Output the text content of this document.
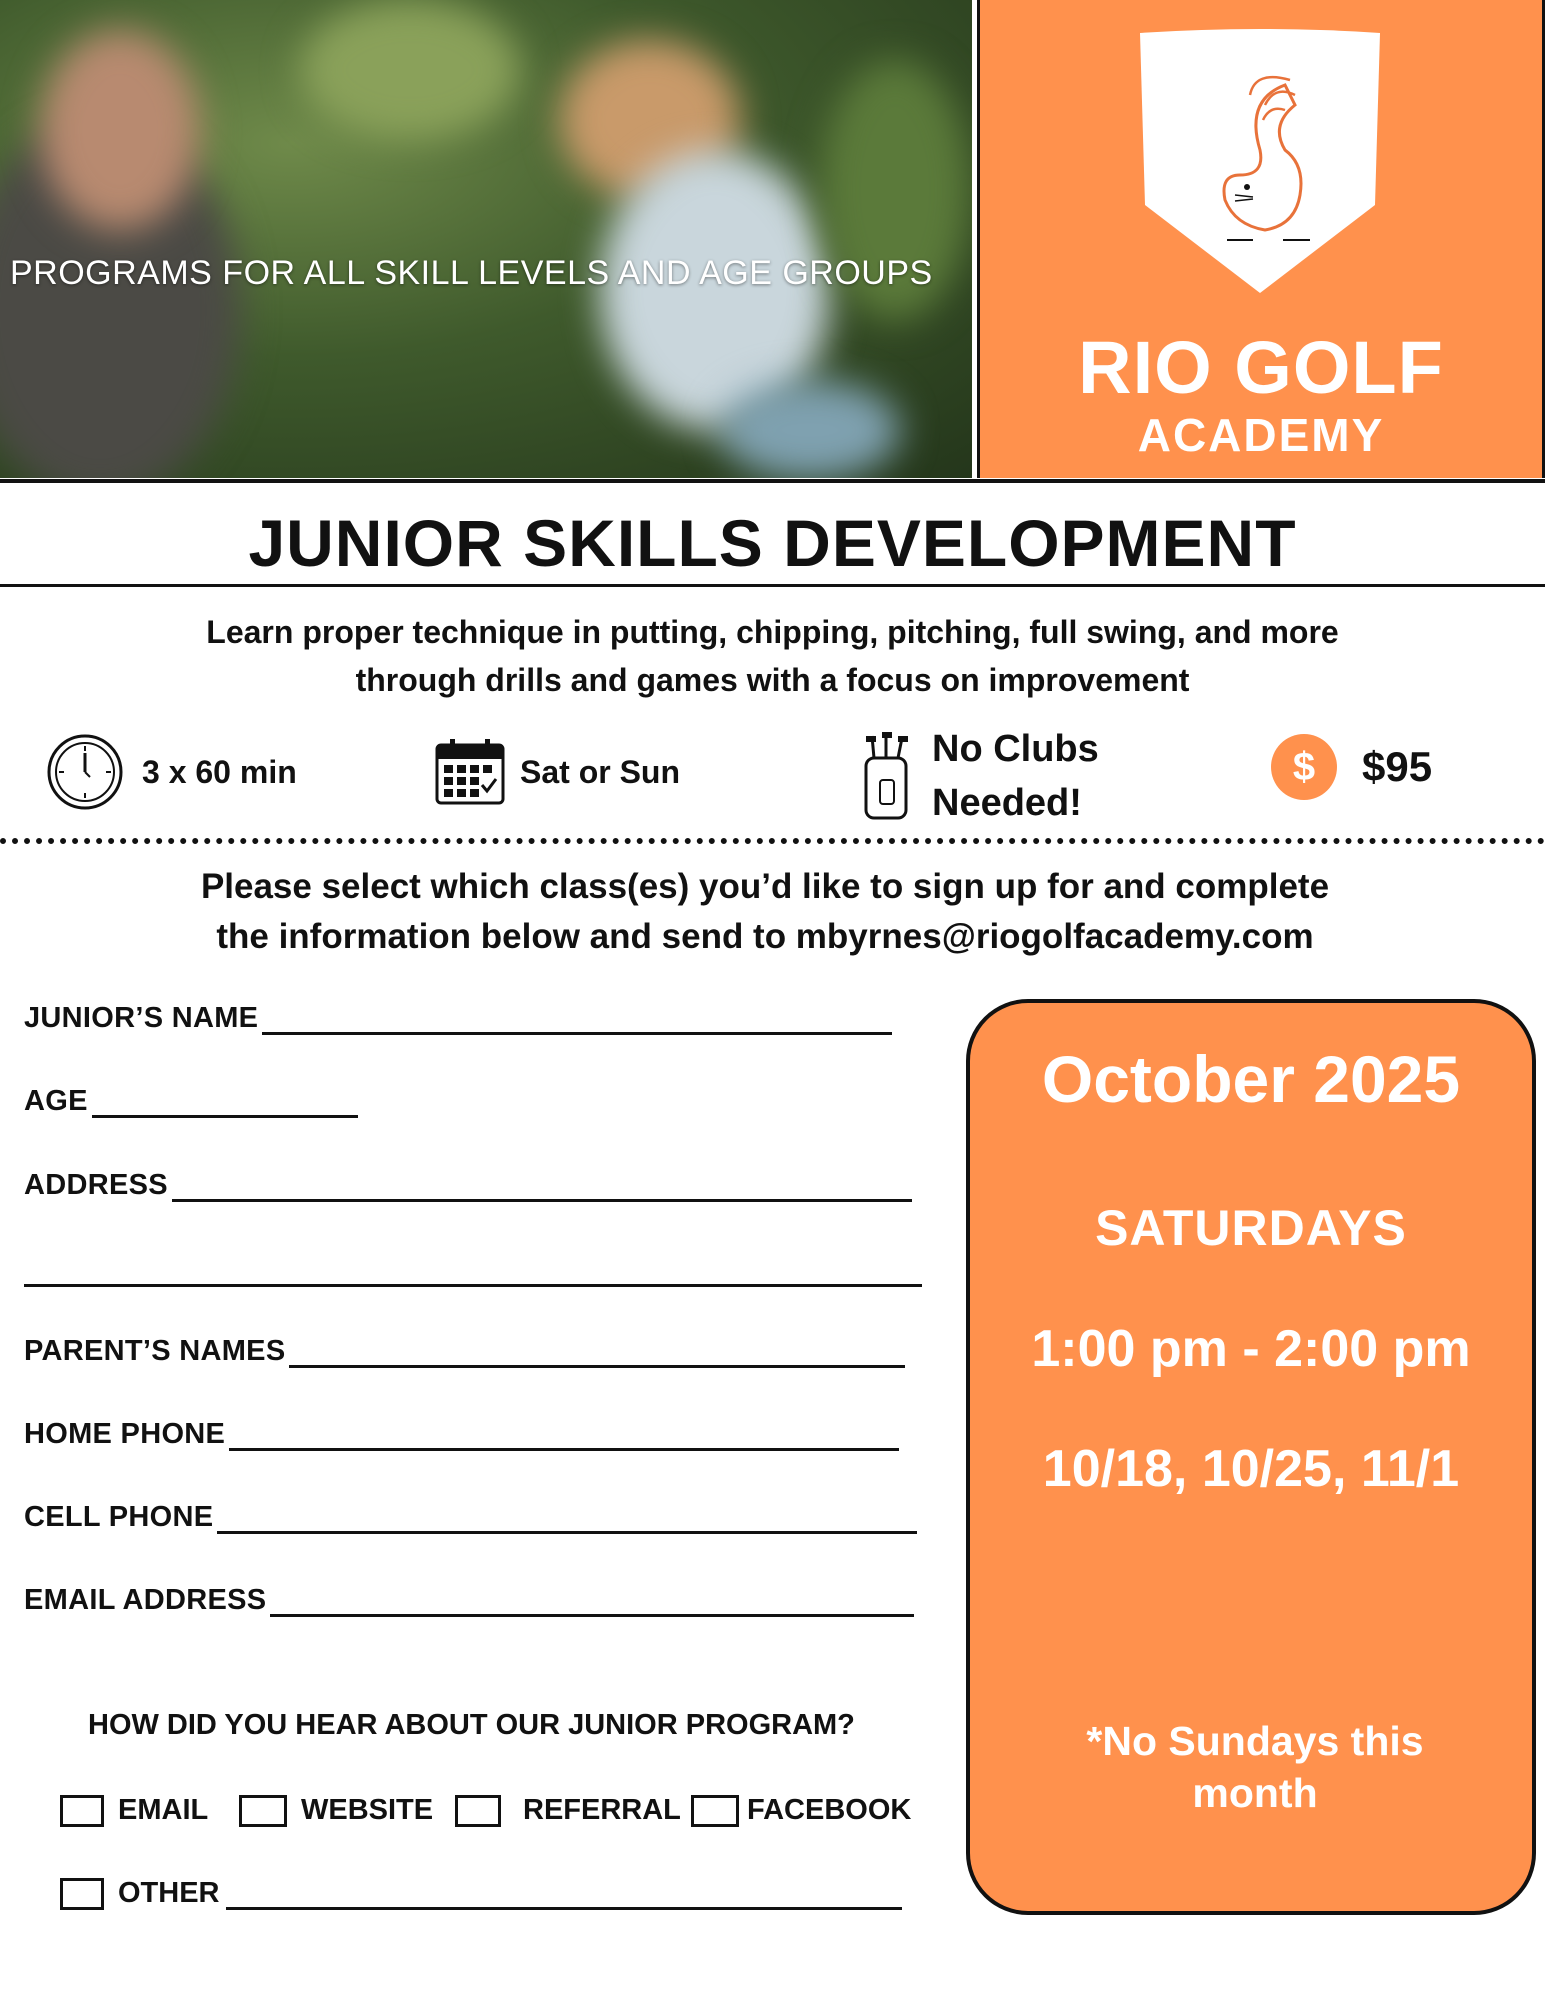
PROGRAMS FOR ALL SKILL LEVELS AND AGE GROUPS
RIO GOLF
ACADEMY
JUNIOR SKILLS DEVELOPMENT
Learn proper technique in putting, chipping, pitching, full swing, and more
through drills and games with a focus on improvement
3 x 60 min	Sat or Sun
No Clubs
Needed!
$ $95
Please select which class(es) you’d like to sign up for and complete
the information below and send to mbyrnes@riogolfacademy.com
JUNIOR’S NAME
AGE
ADDRESS
PARENT’S NAMES
HOME PHONE
CELL PHONE
EMAIL ADDRESS
HOW DID YOU HEAR ABOUT OUR JUNIOR PROGRAM?
EMAIL	WEBSITE	REFERRAL FACEBOOK
OTHER
October 2025
SATURDAYS
1:00 pm - 2:00 pm
10/18, 10/25, 11/1
*No Sundays this
month
